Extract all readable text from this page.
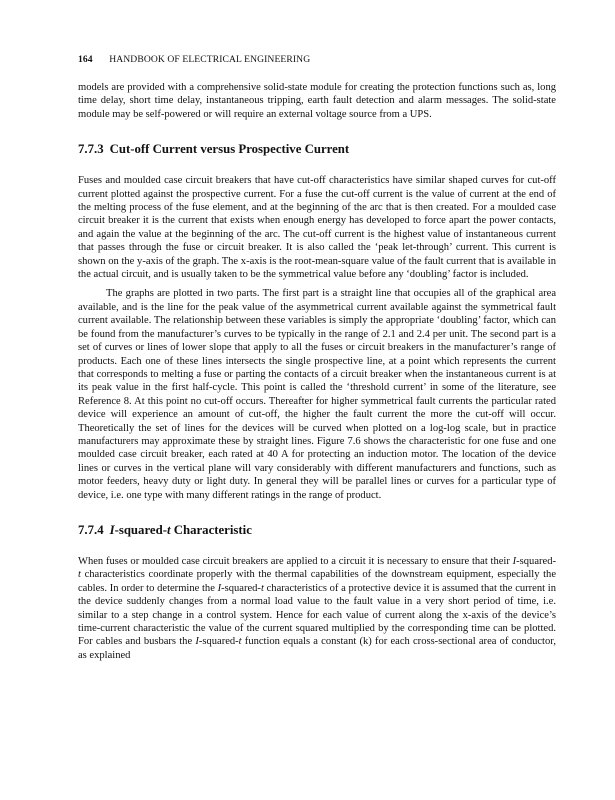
164 HANDBOOK OF ELECTRICAL ENGINEERING

models are provided with a comprehensive solid-state module for creating the protection functions such as, long time delay, short time delay, instantaneous tripping, earth fault detection and alarm messages. The solid-state module may be self-powered or will require an external voltage source from a UPS.

7.7.3 Cut-off Current versus Prospective Current

Fuses and moulded case circuit breakers that have cut-off characteristics have similar shaped curves for cut-off current plotted against the prospective current. For a fuse the cut-off current is the value of current at the end of the melting process of the fuse element, and at the beginning of the arc that is then created. For a moulded case circuit breaker it is the current that exists when enough energy has developed to force apart the power contacts, and again the value at the beginning of the arc. The cut-off current is the highest value of instantaneous current that passes through the fuse or circuit breaker. It is also called the ‘peak let-through’ current. This current is shown on the y-axis of the graph. The x-axis is the root-mean-square value of the fault current that is available in the actual circuit, and is usually taken to be the symmetrical value before any ‘doubling’ factor is included.

The graphs are plotted in two parts. The first part is a straight line that occupies all of the graphical area available, and is the line for the peak value of the asymmetrical current available against the symmetrical fault current available. The relationship between these variables is simply the appropriate ‘doubling’ factor, which can be found from the manufacturer’s curves to be typically in the range of 2.1 and 2.4 per unit. The second part is a set of curves or lines of lower slope that apply to all the fuses or circuit breakers in the manufacturer’s range of products. Each one of these lines intersects the single prospective line, at a point which represents the current that corresponds to melting a fuse or parting the contacts of a circuit breaker when the instantaneous current is at its peak value in the first half-cycle. This point is called the ‘threshold current’ in some of the literature, see Reference 8. At this point no cut-off occurs. Thereafter for higher symmetrical fault currents the particular rated device will experience an amount of cut-off, the higher the fault current the more the cut-off will occur. Theoretically the set of lines for the devices will be curved when plotted on a log-log scale, but in practice manufacturers may approximate these by straight lines. Figure 7.6 shows the characteristic for one fuse and one moulded case circuit breaker, each rated at 40 A for protecting an induction motor. The location of the device lines or curves in the vertical plane will vary considerably with different manufacturers and functions, such as motor feeders, heavy duty or light duty. In general they will be parallel lines or curves for a particular type of device, i.e. one type with many different ratings in the range of product.

7.7.4 I-squared-t Characteristic

When fuses or moulded case circuit breakers are applied to a circuit it is necessary to ensure that their I-squared-t characteristics coordinate properly with the thermal capabilities of the downstream equipment, especially the cables. In order to determine the I-squared-t characteristics of a protective device it is assumed that the current in the device suddenly changes from a normal load value to the fault value in a very short period of time, i.e. similar to a step change in a control system. Hence for each value of current along the x-axis of the device’s time-current characteristic the value of the current squared multiplied by the corresponding time can be plotted. For cables and busbars the I-squared-t function equals a constant (k) for each cross-sectional area of conductor, as explained
